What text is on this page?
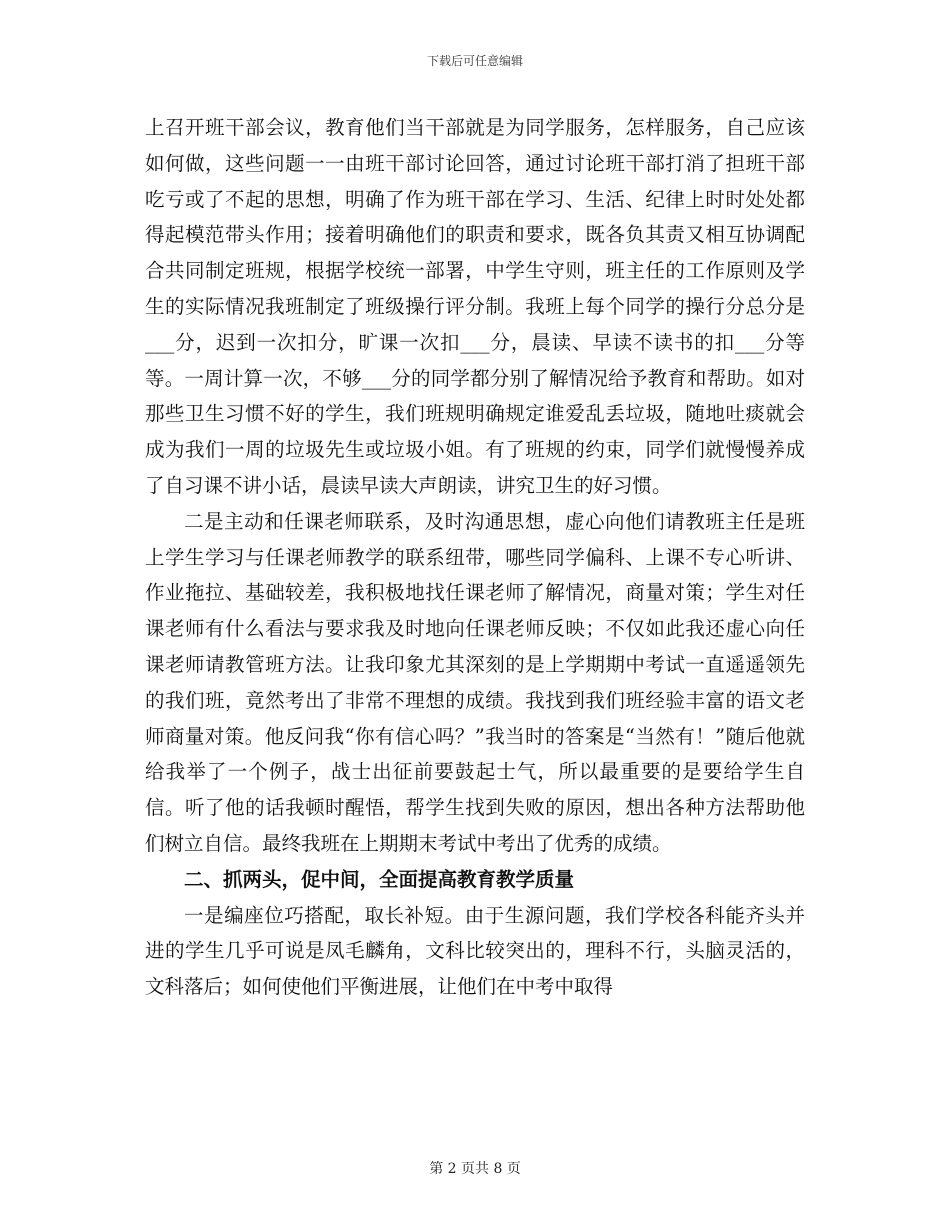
下载后可任意编辑

上召开班干部会议，教育他们当干部就是为同学服务，怎样服务，自己应该如何做，这些问题一一由班干部讨论回答，通过讨论班干部打消了担班干部吃亏或了不起的思想，明确了作为班干部在学习、生活、纪律上时时处处都得起模范带头作用；接着明确他们的职责和要求，既各负其责又相互协调配合共同制定班规，根据学校统一部署，中学生守则，班主任的工作原则及学生的实际情况我班制定了班级操行评分制。我班上每个同学的操行分总分是___分，迟到一次扣分，旷课一次扣___分，晨读、早读不读书的扣___分等等。一周计算一次，不够___分的同学都分别了解情况给予教育和帮助。如对那些卫生习惯不好的学生，我们班规明确规定谁爱乱丢垃圾，随地吐痰就会成为我们一周的垃圾先生或垃圾小姐。有了班规的约束，同学们就慢慢养成了自习课不讲小话，晨读早读大声朗读，讲究卫生的好习惯。

二是主动和任课老师联系，及时沟通思想，虚心向他们请教班主任是班上学生学习与任课老师教学的联系纽带，哪些同学偏科、上课不专心听讲、作业拖拉、基础较差，我积极地找任课老师了解情况，商量对策；学生对任课老师有什么看法与要求我及时地向任课老师反映；不仅如此我还虚心向任课老师请教管班方法。让我印象尤其深刻的是上学期期中考试一直遥遥领先的我们班，竟然考出了非常不理想的成绩。我找到我们班经验丰富的语文老师商量对策。他反问我“你有信心吗？”我当时的答案是“当然有！”随后他就给我举了一个例子，战士出征前要鼓起士气，所以最重要的是要给学生自信。听了他的话我顿时醒悟，帮学生找到失败的原因，想出各种方法帮助他们树立自信。最终我班在上期期末考试中考出了优秀的成绩。

二、抓两头，促中间，全面提高教育教学质量

一是编座位巧搭配，取长补短。由于生源问题，我们学校各科能齐头并进的学生几乎可说是凤毛麟角，文科比较突出的，理科不行，头脑灵活的，文科落后；如何使他们平衡进展，让他们在中考中取得

第 2 页共 8 页
